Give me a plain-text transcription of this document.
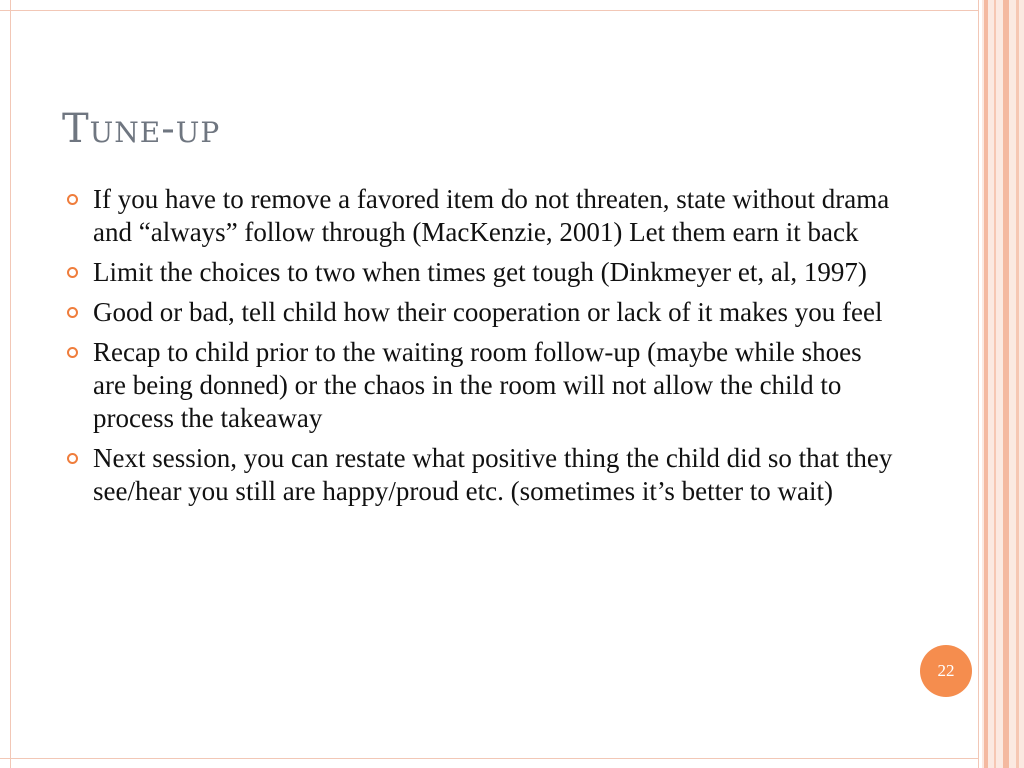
Tune-up
If you have to remove a favored item do not threaten, state without drama and “always” follow through (MacKenzie, 2001) Let them earn it back
Limit the choices to two when times get tough (Dinkmeyer et, al, 1997)
Good or bad, tell child how their cooperation or lack of it makes you feel
Recap to child prior to the waiting room follow-up (maybe while shoes are being donned) or the chaos in the room will not allow the child to process the takeaway
Next session, you can restate what positive thing the child did so that they see/hear you still are happy/proud etc. (sometimes it’s better to wait)
22
